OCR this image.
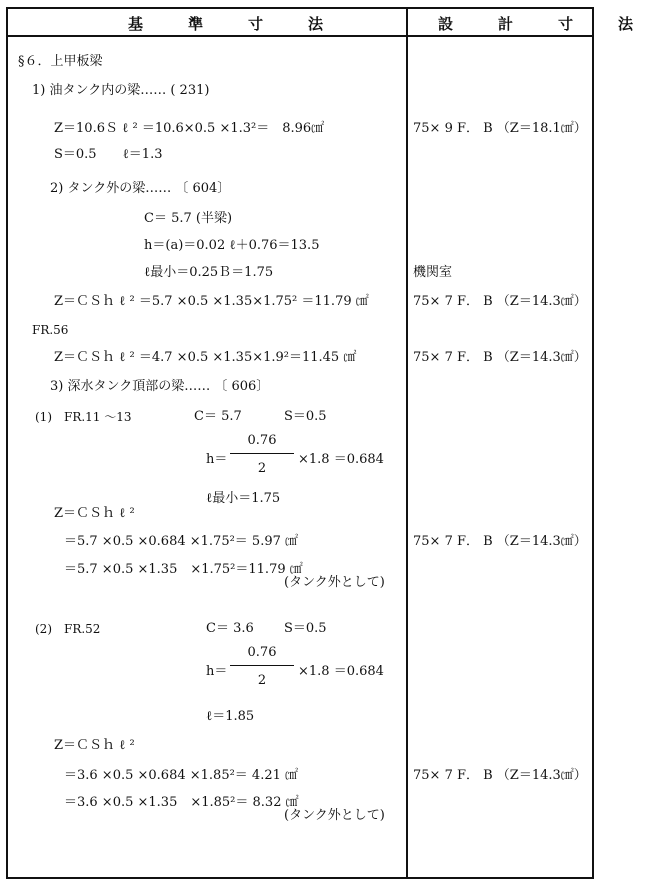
基　準　寸　法	設　計　寸　法
§６．上甲板梁
1) 油タンク内の梁…… ( 231)
Z＝10.6Ｓ ℓ ² ＝10.6×0.5 ×1.3²＝　8.96㎠	75× 9 F． B （Z＝18.1㎠）
S＝0.5　　ℓ＝1.3
2) タンク外の梁…… 〔 604〕
C＝ 5.7 (半梁)
h＝(a)＝0.02 ℓ＋0.76＝13.5
ℓ最小＝0.25Ｂ＝1.75	機関室
Z＝ＣＳｈ ℓ ² ＝5.7 ×0.5 ×1.35×1.75² ＝11.79 ㎠	75× 7 F． B （Z＝14.3㎠）
FR.56
Z＝ＣＳｈ ℓ ² ＝4.7 ×0.5 ×1.35×1.9²＝11.45 ㎠	75× 7 F． B （Z＝14.3㎠）
3) 深水タンク頂部の梁…… 〔 606〕
(1)　FR.11 ～13	C＝ 5.7	S＝0.5
h＝
0.76
2
×1.8 ＝0.684
ℓ最小＝1.75
Z＝ＣＳｈ ℓ ²
＝5.7 ×0.5 ×0.684 ×1.75²＝ 5.97 ㎠	75× 7 F． B （Z＝14.3㎠）
＝5.7 ×0.5 ×1.35　×1.75²＝11.79 ㎠
(タンク外として)
(2)　FR.52	C＝ 3.6 S＝0.5
h＝
0.76
2
×1.8 ＝0.684
ℓ＝1.85
Z＝ＣＳｈ ℓ ²
＝3.6 ×0.5 ×0.684 ×1.85²＝ 4.21 ㎠	75× 7 F． B （Z＝14.3㎠）
＝3.6 ×0.5 ×1.35　×1.85²＝ 8.32 ㎠
(タンク外として)
